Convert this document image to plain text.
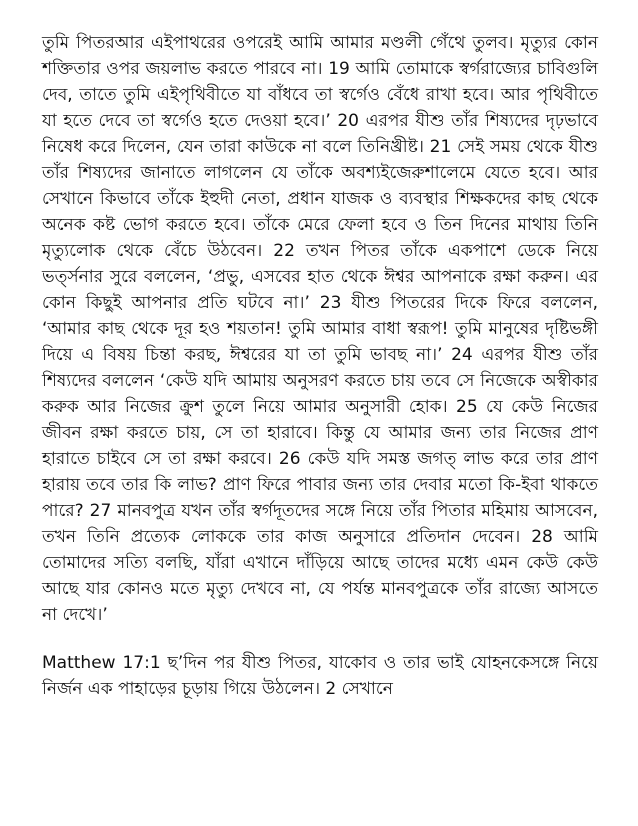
তুমি পিতরআর এইপাথরের ওপরেই আমি আমার মণ্ডলী গেঁথে তুলব। মৃত্যুর কোন শক্তিতার ওপর জয়লাভ করতে পারবে না। 19 আমি তোমাকে স্বর্গরাজ্যের চাবিগুলি দেব, তাতে তুমি এইপৃথিবীতে যা বাঁধবে তা স্বর্গেও বেঁধে রাখা হবে। আর পৃথিবীতে যা হতে দেবে তা স্বর্গেও হতে দেওয়া হবে।’ 20 এরপর যীশু তাঁর শিষ্যদের দৃঢ়ভাবে নিষেধ করে দিলেন, যেন তারা কাউকে না বলে তিনিখ্রীষ্ট। 21 সেই সময় থেকে যীশু তাঁর শিষ্যদের জানাতে লাগলেন যে তাঁকে অবশ্যইজেরুশালেমে যেতে হবে। আর সেখানে কিভাবে তাঁকে ইহুদী নেতা, প্রধান যাজক ও ব্যবস্থার শিক্ষকদের কাছ থেকে অনেক কষ্ট ভোগ করতে হবে। তাঁকে মেরে ফেলা হবে ও তিন দিনের মাথায় তিনি মৃত্যুলোক থেকে বেঁচে উঠবেন। 22 তখন পিতর তাঁকে একপাশে ডেকে নিয়ে ভর্ত্সনার সুরে বললেন, ‘প্রভু, এসবের হাত থেকে ঈশ্বর আপনাকে রক্ষা করুন। এর কোন কিছুই আপনার প্রতি ঘটবে না।’ 23 যীশু পিতরের দিকে ফিরে বললেন, ‘আমার কাছ থেকে দূর হও শয়তান! তুমি আমার বাধা স্বরূপ! তুমি মানুষের দৃষ্টিভঙ্গী দিয়ে এ বিষয় চিন্তা করছ, ঈশ্বরের যা তা তুমি ভাবছ না।’ 24 এরপর যীশু তাঁর শিষ্যদের বললেন ‘কেউ যদি আমায় অনুসরণ করতে চায় তবে সে নিজেকে অস্বীকার করুক আর নিজের ক্রুশ তুলে নিয়ে আমার অনুসারী হোক। 25 যে কেউ নিজের জীবন রক্ষা করতে চায়, সে তা হারাবে। কিন্তু যে আমার জন্য তার নিজের প্রাণ হারাতে চাইবে সে তা রক্ষা করবে। 26 কেউ যদি সমস্ত জগত্ লাভ করে তার প্রাণ হারায় তবে তার কি লাভ? প্রাণ ফিরে পাবার জন্য তার দেবার মতো কি-ইবা থাকতে পারে? 27 মানবপুত্র যখন তাঁর স্বর্গদূতদের সঙ্গে নিয়ে তাঁর পিতার মহিমায় আসবেন, তখন তিনি প্রত্যেক লোককে তার কাজ অনুসারে প্রতিদান দেবেন। 28 আমি তোমাদের সত্যি বলছি, যাঁরা এখানে দাঁড়িয়ে আছে তাদের মধ্যে এমন কেউ কেউ আছে যার কোনও মতে মৃত্যু দেখবে না, যে পর্যন্ত মানবপুত্রকে তাঁর রাজ্যে আসতে না দেখে।’

Matthew 17:1 ছ’দিন পর যীশু পিতর, যাকোব ও তার ভাই যোহনকেসঙ্গে নিয়ে নির্জন এক পাহাড়ের চূড়ায় গিয়ে উঠলেন। 2 সেখানে
